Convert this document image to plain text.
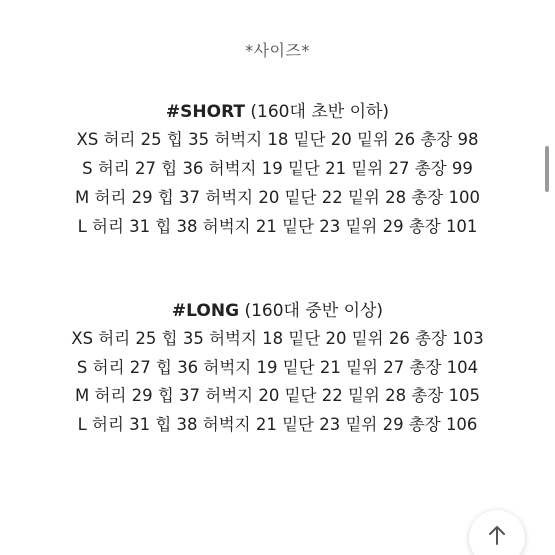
*사이즈*
#SHORT (160대 초반 이하)
XS 허리 25 힙 35 허벅지 18 밑단 20 밑위 26 총장 98
S 허리 27 힙 36 허벅지 19 밑단 21 밑위 27 총장 99
M 허리 29 힙 37 허벅지 20 밑단 22 밑위 28 총장 100
L 허리 31 힙 38 허벅지 21 밑단 23 밑위 29 총장 101
#LONG (160대 중반 이상)
XS 허리 25 힙 35 허벅지 18 밑단 20 밑위 26 총장 103
S 허리 27 힙 36 허벅지 19 밑단 21 밑위 27 총장 104
M 허리 29 힙 37 허벅지 20 밑단 22 밑위 28 총장 105
L 허리 31 힙 38 허벅지 21 밑단 23 밑위 29 총장 106
